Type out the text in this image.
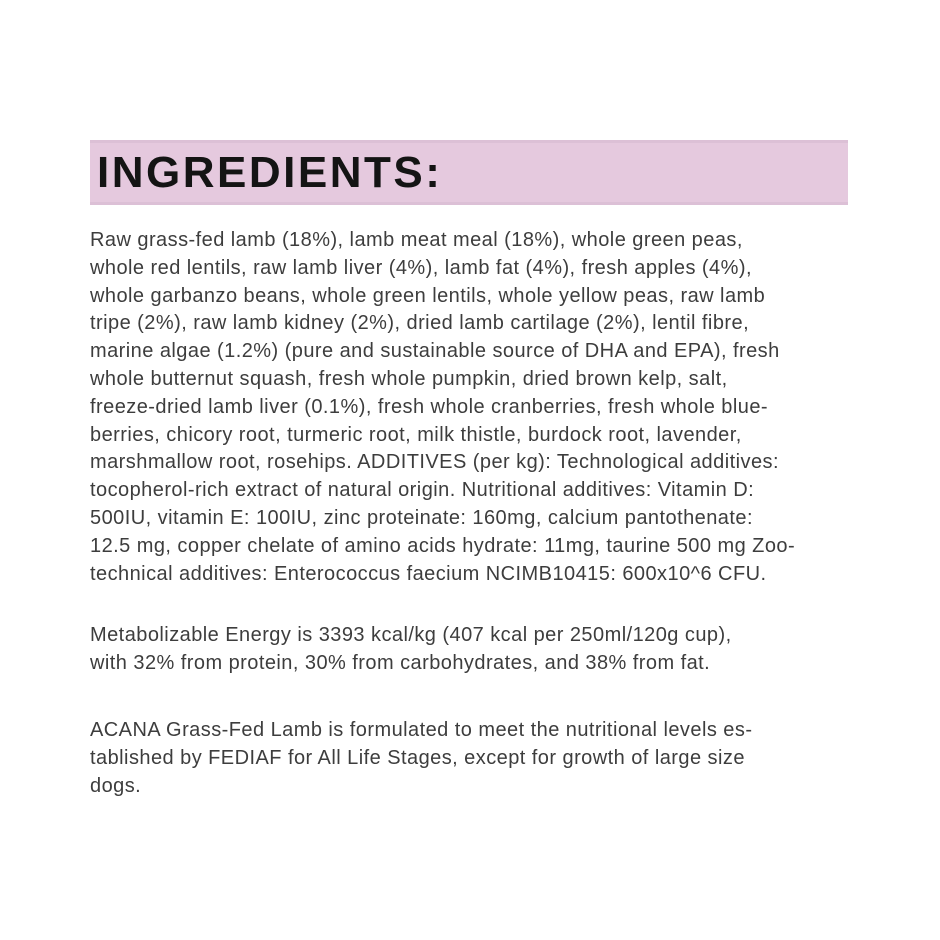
INGREDIENTS:
Raw grass-fed lamb (18%), lamb meat meal (18%), whole green peas,
whole red lentils, raw lamb liver (4%), lamb fat (4%), fresh apples (4%),
whole garbanzo beans, whole green lentils, whole yellow peas, raw lamb
tripe (2%), raw lamb kidney (2%), dried lamb cartilage (2%), lentil fibre,
marine algae (1.2%) (pure and sustainable source of DHA and EPA), fresh
whole butternut squash, fresh whole pumpkin, dried brown kelp, salt,
freeze-dried lamb liver (0.1%), fresh whole cranberries, fresh whole blue-
berries, chicory root, turmeric root, milk thistle, burdock root, lavender,
marshmallow root, rosehips. ADDITIVES (per kg): Technological additives:
tocopherol-rich extract of natural origin. Nutritional additives: Vitamin D:
500IU, vitamin E: 100IU, zinc proteinate: 160mg, calcium pantothenate:
12.5 mg, copper chelate of amino acids hydrate: 11mg, taurine 500 mg Zoo-
technical additives: Enterococcus faecium NCIMB10415: 600x10^6 CFU.
Metabolizable Energy is 3393 kcal/kg (407 kcal per 250ml/120g cup),
with 32% from protein, 30% from carbohydrates, and 38% from fat.
ACANA Grass-Fed Lamb is formulated to meet the nutritional levels es-
tablished by FEDIAF for All Life Stages, except for growth of large size
dogs.
